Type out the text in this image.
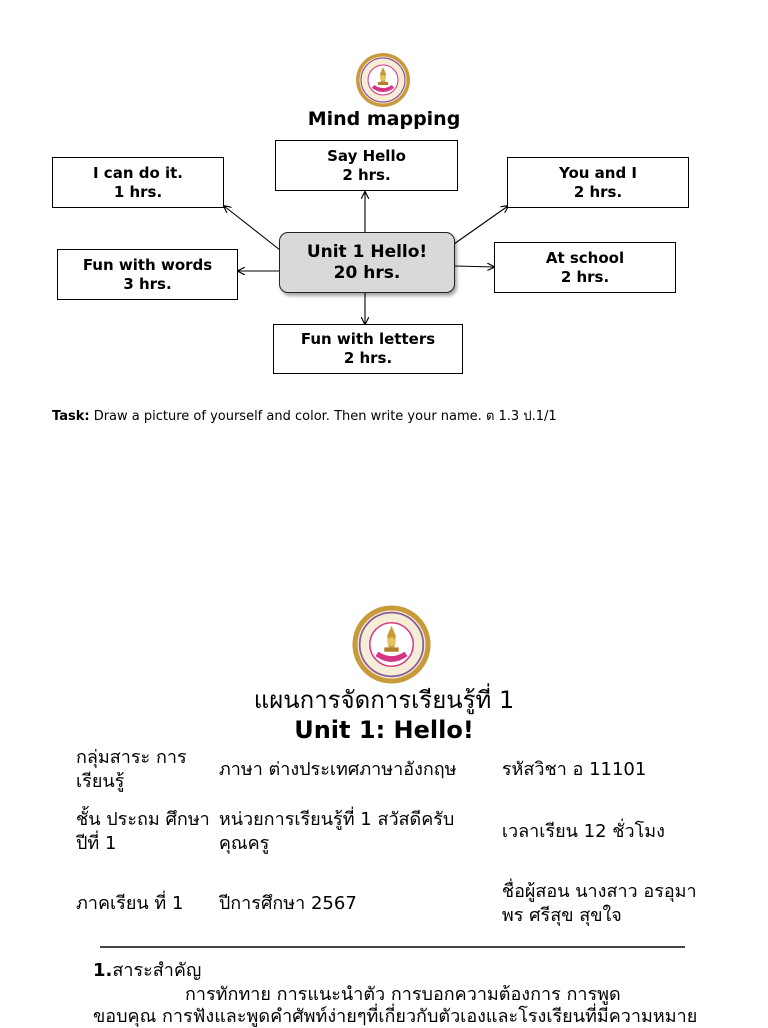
Mind mapping
I can do it.
1 hrs.
Say Hello
2 hrs.	You and I
2 hrs.
Fun with words
3 hrs.
At school
2 hrs.
Fun with letters
2 hrs.
Unit 1 Hello!
20 hrs.
Task: Draw a picture of yourself and color. Then write your name. ต 1.3 ป.1/1
แผนการจัดการเรียนรู้ที่ 1
Unit 1: Hello!
กลุ่มสาระ การเรียนรู้	ภาษา ต่างประเทศภาษาอังกฤษ	รหัสวิชา อ 11101
ชั้น ประถม ศึกษาปีที่ 1	หน่วยการเรียนรู้ที่ 1 สวัสดีครับคุณครู	เวลาเรียน 12 ชั่วโมง
ภาคเรียน ที่ 1	ปีการศึกษา 2567	ชื่อผู้สอน นางสาว อรอุมาพร ศรีสุข สุขใจ
1.สาระสำคัญ
การทักทาย การแนะนำตัว การบอกความต้องการ การพูด
ขอบคุณ การฟังและพูดคำศัพท์ง่ายๆที่เกี่ยวกับตัวเองและโรงเรียนที่มีความหมาย
